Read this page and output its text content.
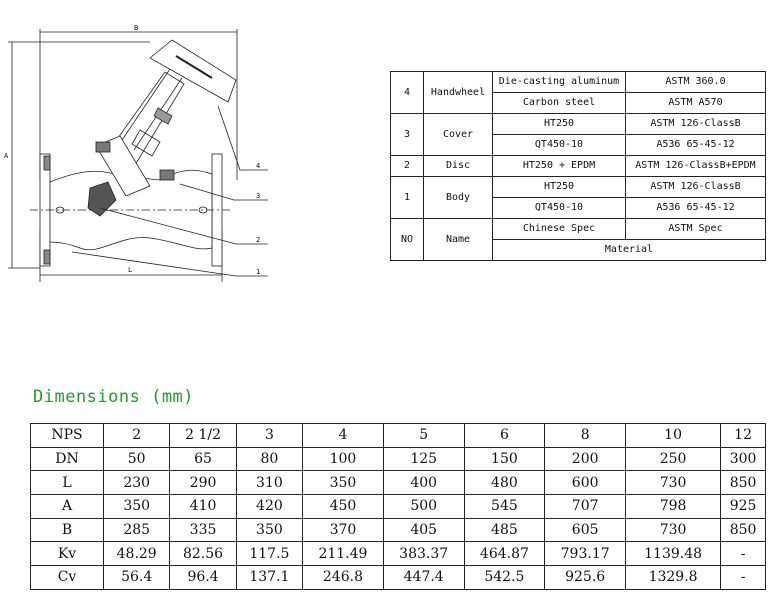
B
A
L
4
3
2
1
4	Handwheel	Die-casting aluminum	ASTM 360.0
		Carbon steel	ASTM A570
3	Cover	HT250	ASTM 126-ClassB
		QT450-10	A536 65-45-12
2	Disc	HT250 + EPDM	ASTM 126-ClassB+EPDM
1	Body	HT250	ASTM 126-ClassB
		QT450-10	A536 65-45-12
NO	Name	Chinese Spec	ASTM Spec
		Material	
Dimensions (mm)
NPS	2	2 1/2	3	4	5	6	8	10	12
DN	50	65	80	100	125	150	200	250	300
L	230	290	310	350	400	480	600	730	850
A	350	410	420	450	500	545	707	798	925
B	285	335	350	370	405	485	605	730	850
Kv	48.29	82.56	117.5	211.49	383.37	464.87	793.17	1139.48	-
Cv	56.4	96.4	137.1	246.8	447.4	542.5	925.6	1329.8	-
